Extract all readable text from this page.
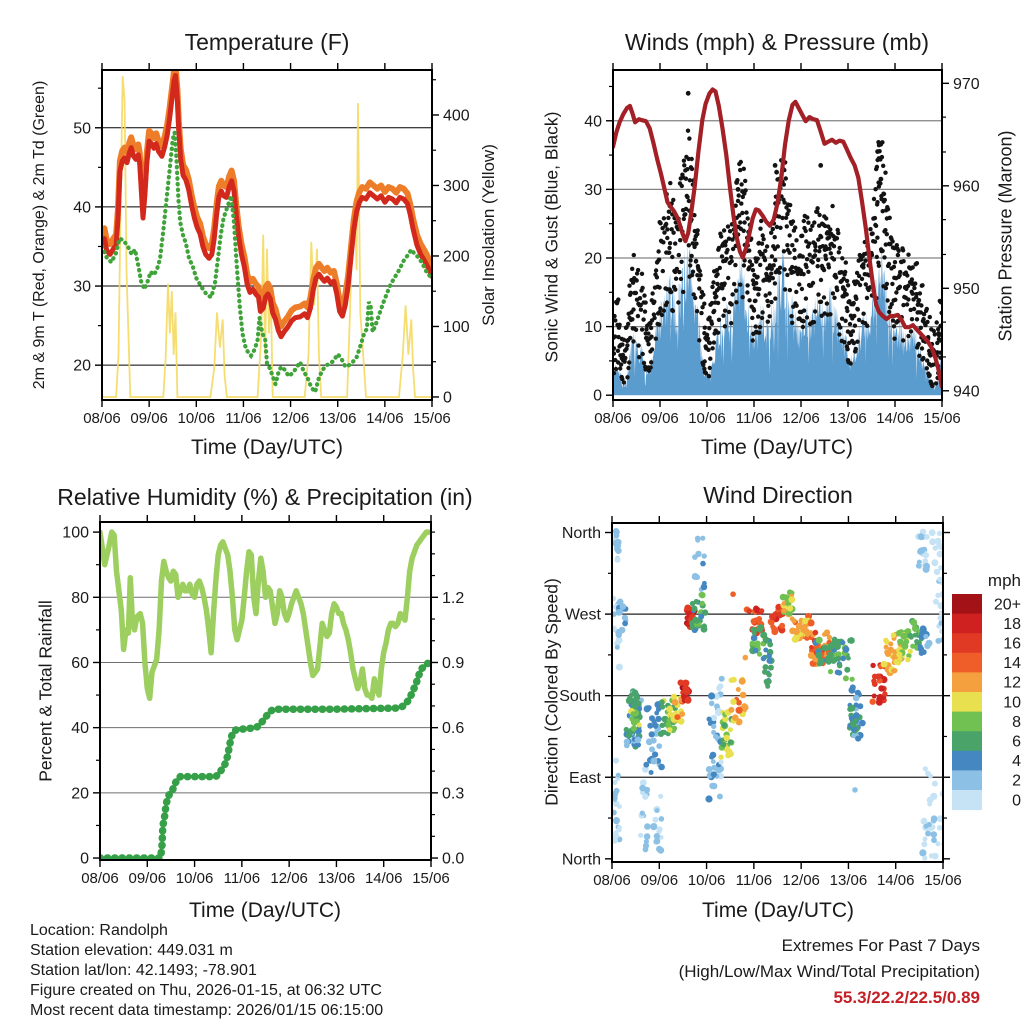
08/06 09/06 10/06 11/06 12/06 13/06 14/06 15/06
20
30
40
50
0
100
200
300
400
08/06 09/06 10/06 11/06 12/06 13/06 14/06 15/06
0
10
20
30
40
940
950
960
970
08/06 09/06 10/06 11/06 12/06 13/06 14/06 15/06
0
20
40
60
80
100
0.0
0.3
0.6
0.9
1.2
08/06 09/06 10/06 11/06 12/06 13/06 14/06 15/06
North
East
South
West
North
mph
20+
18
16
14
12
10
8
6
4
2
0
Temperature (F)	Winds (mph) & Pressure (mb)
Relative Humidity (%) & Precipitation (in)	Wind Direction
2m & 9m T (Red, Orange) & 2m Td (Green)	Solar Insolation (Yellow) Sonic Wind & Gust (Blue, Black)	Station Pressure (Maroon)
Percent & Total Rainfall	Direction (Colored By Speed)
Time (Day/UTC)	Time (Day/UTC)
Time (Day/UTC)	Time (Day/UTC)
Location: Randolph
Station elevation: 449.031 m
Station lat/lon: 42.1493; -78.901
Figure created on Thu, 2026-01-15, at 06:32 UTC
Most recent data timestamp: 2026/01/15 06:15:00
Extremes For Past 7 Days
(High/Low/Max Wind/Total Precipitation)
55.3/22.2/22.5/0.89
